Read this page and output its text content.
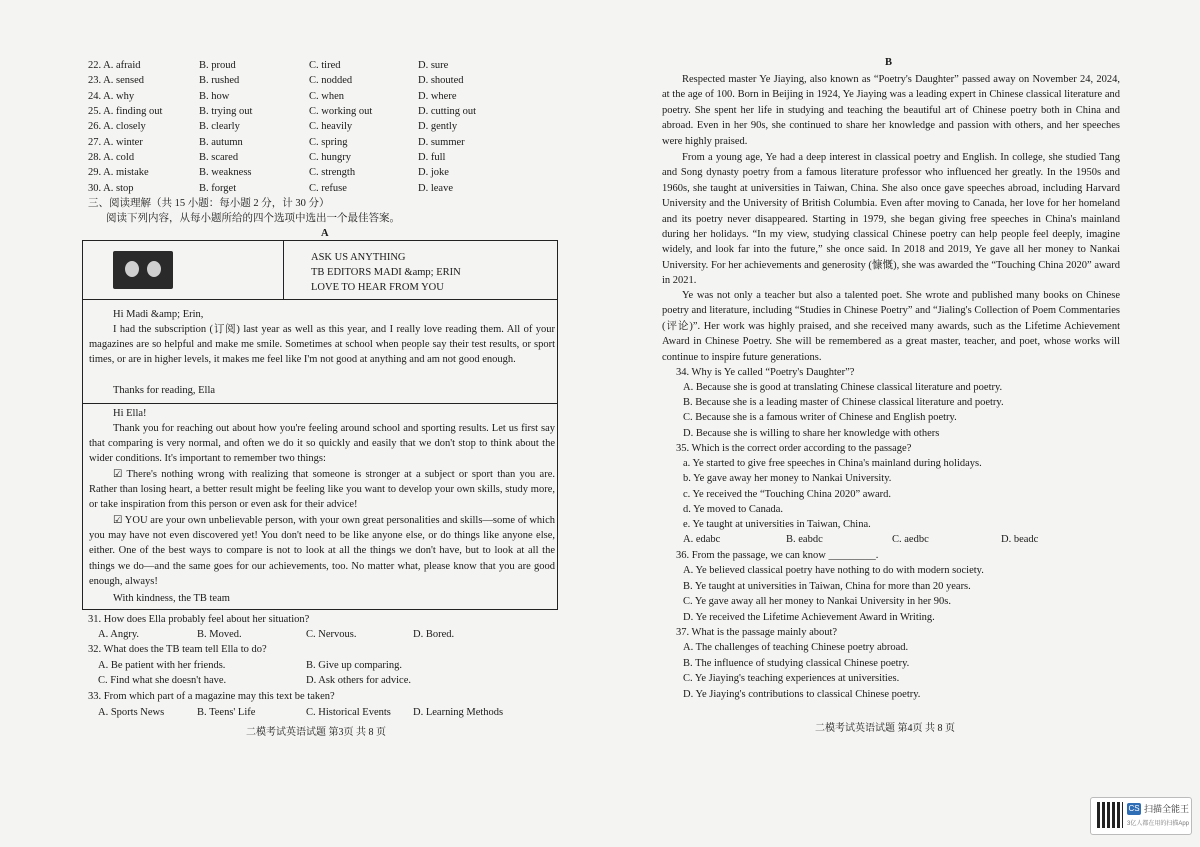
22. A. afraid	B. proud	C. tired	D. sure
23. A. sensed	B. rushed	C. nodded	D. shouted
24. A. why	B. how	C. when	D. where
25. A. finding out	B. trying out	C. working out	D. cutting out
26. A. closely	B. clearly	C. heavily	D. gently
27. A. winter	B. autumn	C. spring	D. summer
28. A. cold	B. scared	C. hungry	D. full
29. A. mistake	B. weakness	C. strength	D. joke
30. A. stop	B. forget	C. refuse	D. leave
三、阅读理解（共 15 小题：每小题 2 分，计 30 分）
阅读下列内容，从每小题所给的四个选项中选出一个最佳答案。
A
ASK US ANYTHING
TB EDITORS MADI &amp; ERIN
LOVE TO HEAR FROM YOU
Hi Madi &amp; Erin,
I had the subscription (订阅) last year as well as this year, and I really love reading them. All of your magazines are so helpful and make me smile. Sometimes at school when people say their test results, or sport times, or are in higher levels, it makes me feel like I'm not good at anything and am not good enough.
Thanks for reading, Ella
Hi Ella!
Thank you for reaching out about how you're feeling around school and sporting results. Let us first say that comparing is very normal, and often we do it so quickly and easily that we don't stop to think about the wider conditions. It's important to remember two things:
☑ There's nothing wrong with realizing that someone is stronger at a subject or sport than you are. Rather than losing heart, a better result might be feeling like you want to develop your own skills, study more, or take inspiration from this person or even ask for their advice!
☑ YOU are your own unbelievable person, with your own great personalities and skills—some of which you may have not even discovered yet! You don't need to be like anyone else, or do things like anyone else, either. One of the best ways to compare is not to look at all the things we don't have, but to look at all the things we do—and the same goes for our achievements, too. No matter what, please know that you are good enough, always!
With kindness, the TB team
31. How does Ella probably feel about her situation?
A. Angry.	B. Moved.	C. Nervous.	D. Bored.
32. What does the TB team tell Ella to do?
A. Be patient with her friends.	B. Give up comparing.
C. Find what she doesn't have.	D. Ask others for advice.
33. From which part of a magazine may this text be taken?
A. Sports News	B. Teens' Life	C. Historical Events D. Learning Methods
二模考试英语试题 第3页 共 8 页
B
Respected master Ye Jiaying, also known as “Poetry's Daughter” passed away on November 24, 2024, at the age of 100. Born in Beijing in 1924, Ye Jiaying was a leading expert in Chinese classical literature and poetry. She spent her life in studying and teaching the beautiful art of Chinese poetry both in China and abroad. Even in her 90s, she continued to share her knowledge and passion with others, and her speeches were highly praised.
From a young age, Ye had a deep interest in classical poetry and English. In college, she studied Tang and Song dynasty poetry from a famous literature professor who influenced her greatly. In the 1950s and 1960s, she taught at universities in Taiwan, China. She also once gave speeches abroad, including Harvard University and the University of British Columbia. Even after moving to Canada, her love for her homeland and its poetry never disappeared. Starting in 1979, she began giving free speeches in China's mainland during her holidays. “In my view, studying classical Chinese poetry can help people feel deeply, imagine widely, and look far into the future,” she once said. In 2018 and 2019, Ye gave all her money to Nankai University. For her achievements and generosity (慷慨), she was awarded the “Touching China 2020” award in 2021.
Ye was not only a teacher but also a talented poet. She wrote and published many books on Chinese poetry and literature, including “Studies in Chinese Poetry” and “Jialing's Collection of Poem Commentaries (评论)”. Her work was highly praised, and she received many awards, such as the Lifetime Achievement Award in Chinese Poetry. She will be remembered as a great master, teacher, and poet, whose works will continue to inspire future generations.
34. Why is Ye called “Poetry's Daughter”?
A. Because she is good at translating Chinese classical literature and poetry.
B. Because she is a leading master of Chinese classical literature and poetry.
C. Because she is a famous writer of Chinese and English poetry.
D. Because she is willing to share her knowledge with others
35. Which is the correct order according to the passage?
a. Ye started to give free speeches in China's mainland during holidays.
b. Ye gave away her money to Nankai University.
c. Ye received the “Touching China 2020” award.
d. Ye moved to Canada.
e. Ye taught at universities in Taiwan, China.
A. edabc	B. eabdc	C. aedbc	D. beadc
36. From the passage, we can know _________.
A. Ye believed classical poetry have nothing to do with modern society.
B. Ye taught at universities in Taiwan, China for more than 20 years.
C. Ye gave away all her money to Nankai University in her 90s.
D. Ye received the Lifetime Achievement Award in Writing.
37. What is the passage mainly about?
A. The challenges of teaching Chinese poetry abroad.
B. The influence of studying classical Chinese poetry.
C. Ye Jiaying's teaching experiences at universities.
D. Ye Jiaying's contributions to classical Chinese poetry.
二模考试英语试题 第4页 共 8 页
CS 扫描全能王
3亿人都在用的扫描App
